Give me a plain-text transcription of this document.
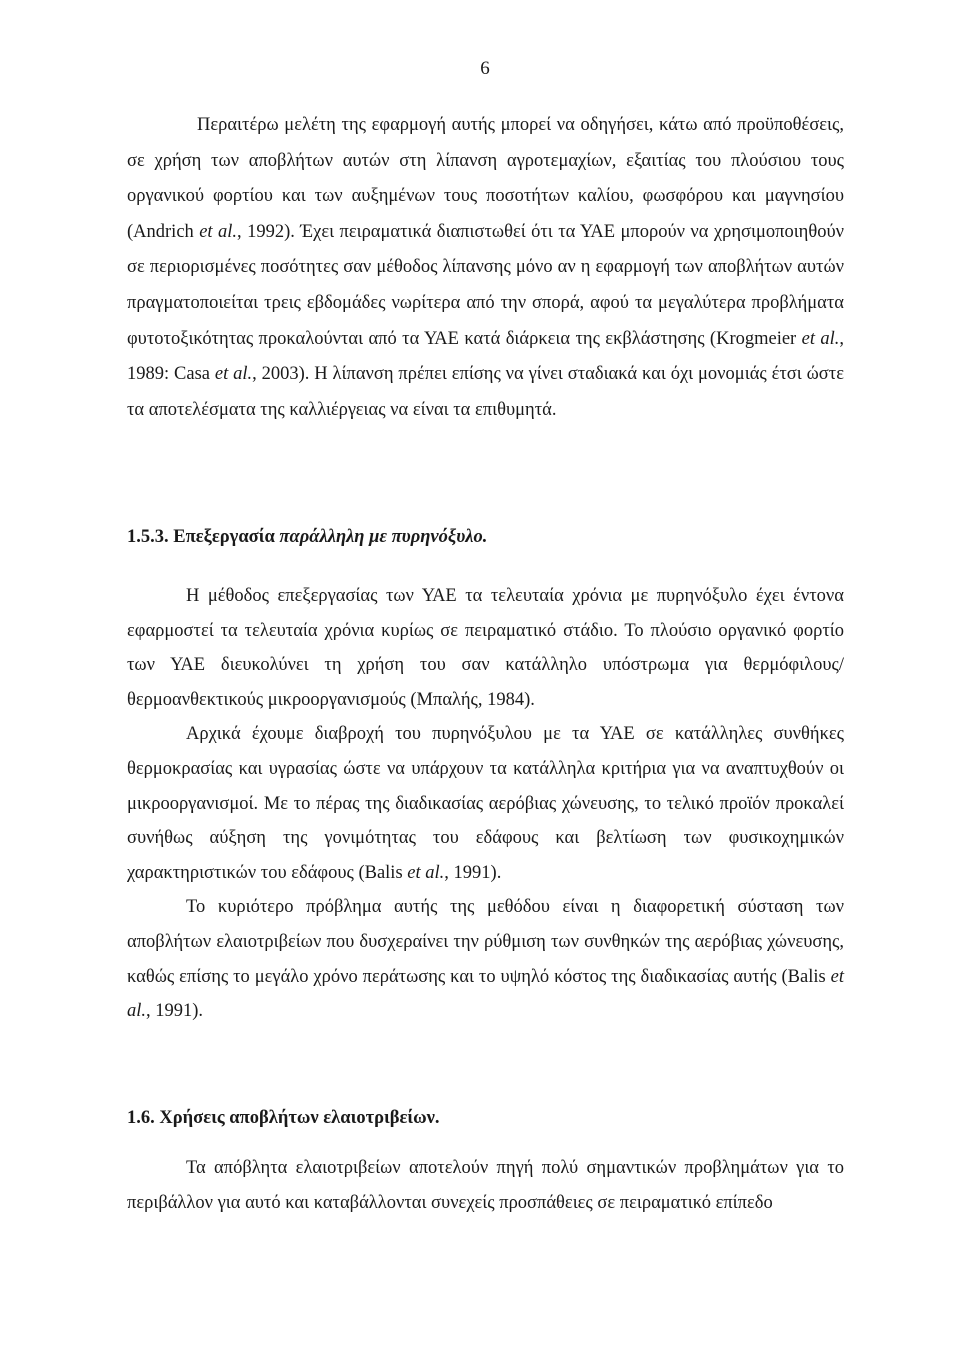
6

Περαιτέρω μελέτη της εφαρμογή αυτής μπορεί να οδηγήσει, κάτω από προϋποθέσεις, σε χρήση των αποβλήτων αυτών στη λίπανση αγροτεμαχίων, εξαιτίας του πλούσιου τους οργανικού φορτίου και των αυξημένων τους ποσοτήτων καλίου, φωσφόρου και μαγνησίου (Andrich et al., 1992). Έχει πειραματικά διαπιστωθεί ότι τα ΥΑΕ μπορούν να χρησιμοποιηθούν σε περιορισμένες ποσότητες σαν μέθοδος λίπανσης μόνο αν η εφαρμογή των αποβλήτων αυτών πραγματοποιείται τρεις εβδομάδες νωρίτερα από την σπορά, αφού τα μεγαλύτερα προβλήματα φυτοτοξικότητας προκαλούνται από τα ΥΑΕ κατά διάρκεια της εκβλάστησης (Krogmeier et al., 1989: Casa et al., 2003). Η λίπανση πρέπει επίσης να γίνει σταδιακά και όχι μονομιάς έτσι ώστε τα αποτελέσματα της καλλιέργειας να είναι τα επιθυμητά.

1.5.3. Επεξεργασία παράλληλη με πυρηνόξυλο.

Η μέθοδος επεξεργασίας των ΥΑΕ τα τελευταία χρόνια με πυρηνόξυλο έχει έντονα εφαρμοστεί τα τελευταία χρόνια κυρίως σε πειραματικό στάδιο. Το πλούσιο οργανικό φορτίο των ΥΑΕ διευκολύνει τη χρήση του σαν κατάλληλο υπόστρωμα για θερμόφιλους/θερμοανθεκτικούς μικροοργανισμούς (Μπαλής, 1984).

Αρχικά έχουμε διαβροχή του πυρηνόξυλου με τα ΥΑΕ σε κατάλληλες συνθήκες θερμοκρασίας και υγρασίας ώστε να υπάρχουν τα κατάλληλα κριτήρια για να αναπτυχθούν οι μικροοργανισμοί. Με το πέρας της διαδικασίας αερόβιας χώνευσης, το τελικό προϊόν προκαλεί συνήθως αύξηση της γονιμότητας του εδάφους και βελτίωση των φυσικοχημικών χαρακτηριστικών του εδάφους (Balis et al., 1991).

Το κυριότερο πρόβλημα αυτής της μεθόδου είναι η διαφορετική σύσταση των αποβλήτων ελαιοτριβείων που δυσχεραίνει την ρύθμιση των συνθηκών της αερόβιας χώνευσης, καθώς επίσης το μεγάλο χρόνο περάτωσης και το υψηλό κόστος της διαδικασίας αυτής (Balis et al., 1991).

1.6. Χρήσεις αποβλήτων ελαιοτριβείων.

Τα απόβλητα ελαιοτριβείων αποτελούν πηγή πολύ σημαντικών προβλημάτων για το περιβάλλον για αυτό και καταβάλλονται συνεχείς προσπάθειες σε πειραματικό επίπεδο
